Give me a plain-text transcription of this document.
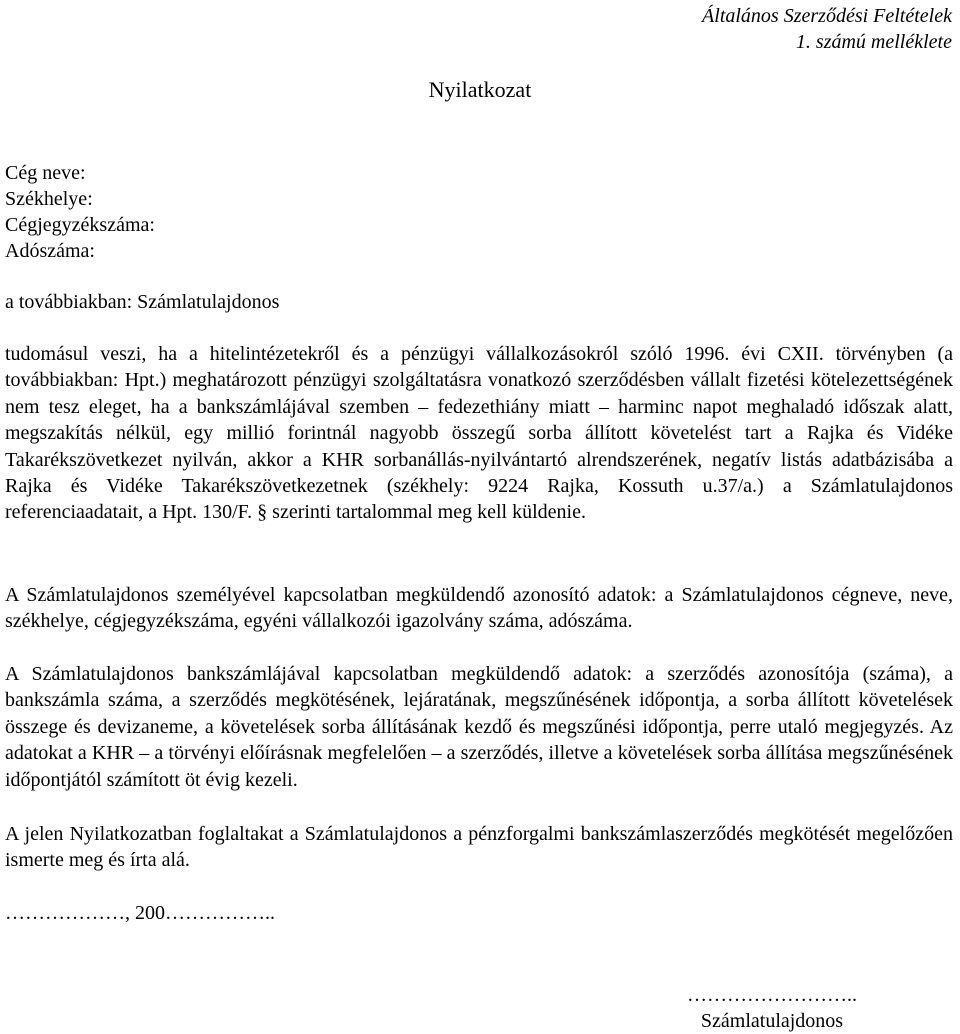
Általános Szerződési Feltételek
1. számú melléklete
Nyilatkozat
Cég neve:
Székhelye:
Cégjegyzékszáma:
Adószáma:
a továbbiakban: Számlatulajdonos
tudomásul veszi, ha a hitelintézetekről és a pénzügyi vállalkozásokról szóló 1996. évi CXII. törvényben (a továbbiakban: Hpt.) meghatározott pénzügyi szolgáltatásra vonatkozó szerződésben vállalt fizetési kötelezettségének nem tesz eleget, ha a bankszámlájával szemben – fedezethiány miatt – harminc napot meghaladó időszak alatt, megszakítás nélkül, egy millió forintnál nagyobb összegű sorba állított követelést tart a Rajka és Vidéke Takarékszövetkezet nyilván, akkor a KHR sorbanállás-nyilvántartó alrendszerének, negatív listás adatbázisába a Rajka és Vidéke Takarékszövetkezetnek (székhely: 9224 Rajka, Kossuth u.37/a.) a Számlatulajdonos referenciaadatait, a Hpt. 130/F. § szerinti tartalommal meg kell küldenie.
A Számlatulajdonos személyével kapcsolatban megküldendő azonosító adatok: a Számlatulajdonos cégneve, neve, székhelye, cégjegyzékszáma, egyéni vállalkozói igazolvány száma, adószáma.
A Számlatulajdonos bankszámlájával kapcsolatban megküldendő adatok: a szerződés azonosítója (száma), a bankszámla száma, a szerződés megkötésének, lejáratának, megszűnésének időpontja, a sorba állított követelések összege és devizaneme, a követelések sorba állításának kezdő és megszűnési időpontja, perre utaló megjegyzés. Az adatokat a KHR – a törvényi előírásnak megfelelően – a szerződés, illetve a követelések sorba állítása megszűnésének időpontjától számított öt évig kezeli.
A jelen Nyilatkozatban foglaltakat a Számlatulajdonos a pénzforgalmi bankszámlaszerződés megkötését megelőzően ismerte meg és írta alá.
………………, 200……………..
……………………..
Számlatulajdonos
